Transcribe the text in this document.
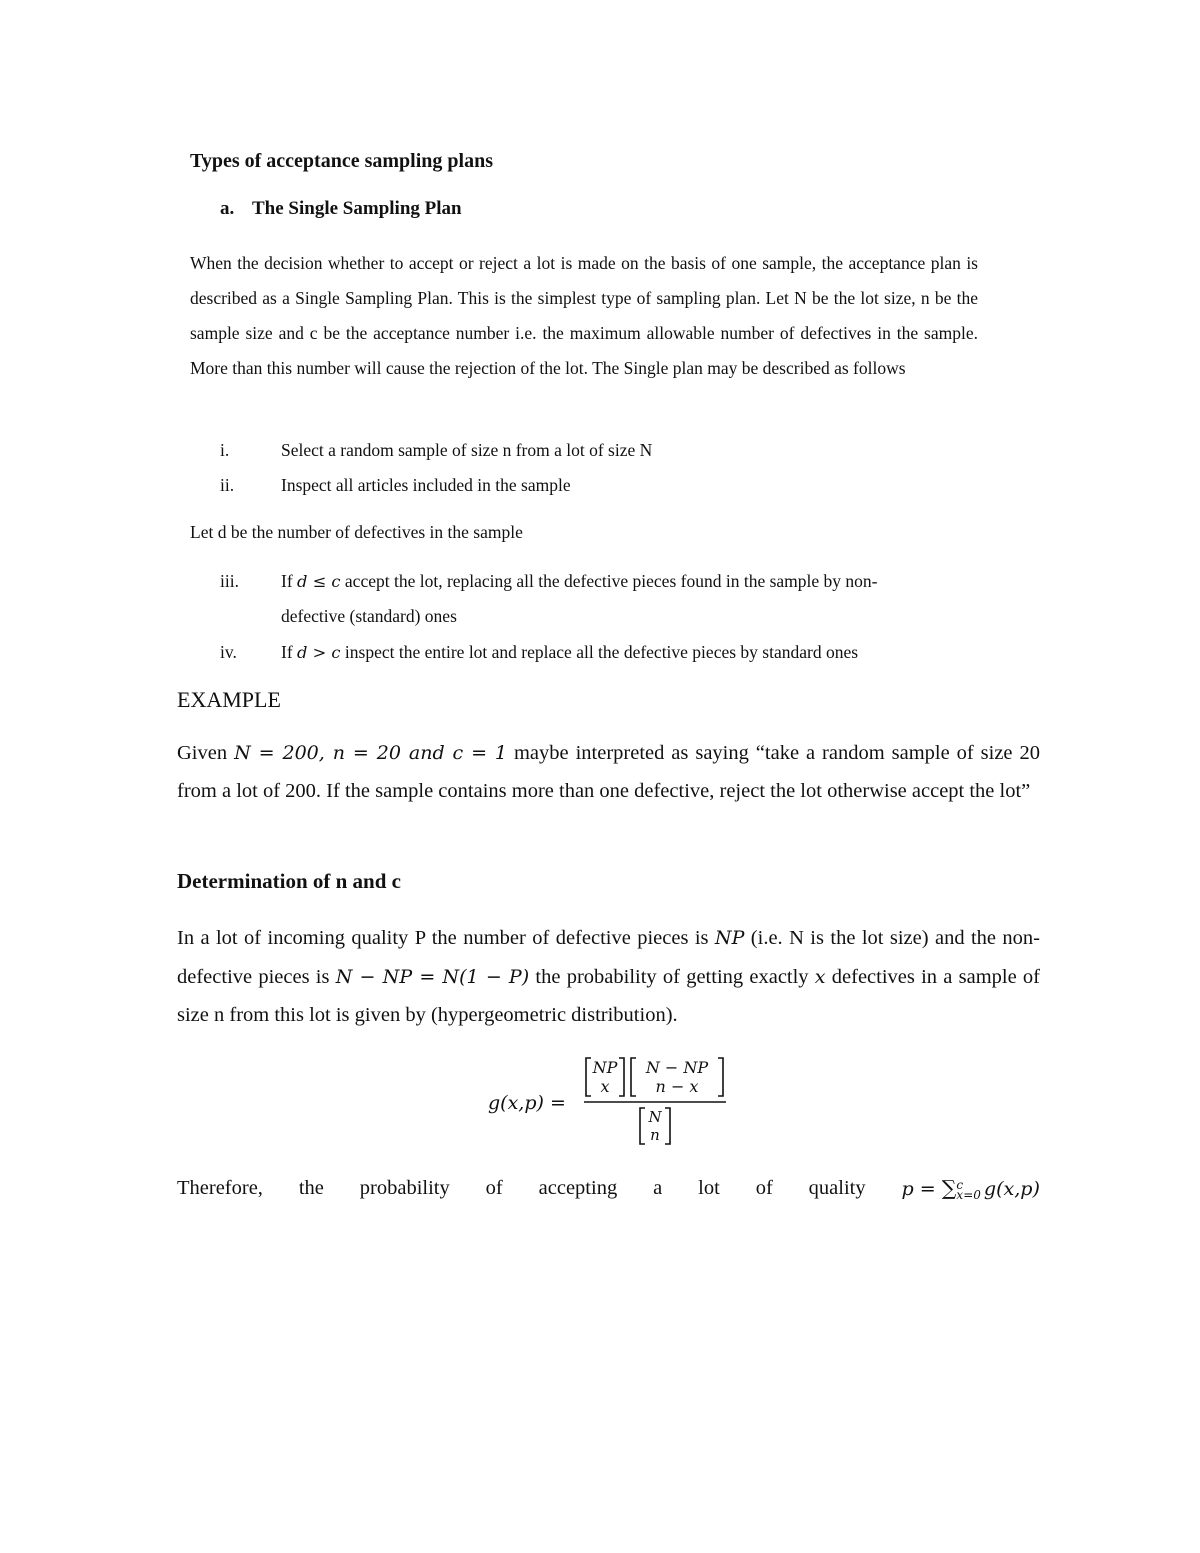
Types of acceptance sampling plans
a. The Single Sampling Plan
When the decision whether to accept or reject a lot is made on the basis of one sample, the acceptance plan is described as a Single Sampling Plan. This is the simplest type of sampling plan. Let N be the lot size, n be the sample size and c be the acceptance number i.e. the maximum allowable number of defectives in the sample. More than this number will cause the rejection of the lot. The Single plan may be described as follows
i.	Select a random sample of size n from a lot of size N
ii.	Inspect all articles included in the sample
Let d be the number of defectives in the sample
iii.	If d ≤ c accept the lot, replacing all the defective pieces found in the sample by non-
defective (standard) ones
iv.	If d > c inspect the entire lot and replace all the defective pieces by standard ones
EXAMPLE
Given N = 200, n = 20 and c = 1 maybe interpreted as saying “take a random sample of size 20 from a lot of 200. If the sample contains more than one defective, reject the lot otherwise accept the lot”
Determination of n and c
In a lot of incoming quality P the number of defective pieces is NP (i.e. N is the lot size) and the non-defective pieces is N − NP = N(1 − P) the probability of getting exactly x defectives in a sample of size n from this lot is given by (hypergeometric distribution).
g(x,p) =
NP
x
N − NP
n − x
N
n
Therefore, the probability of accepting a lot of quality p = ∑ c
x=0 g(x,p)
